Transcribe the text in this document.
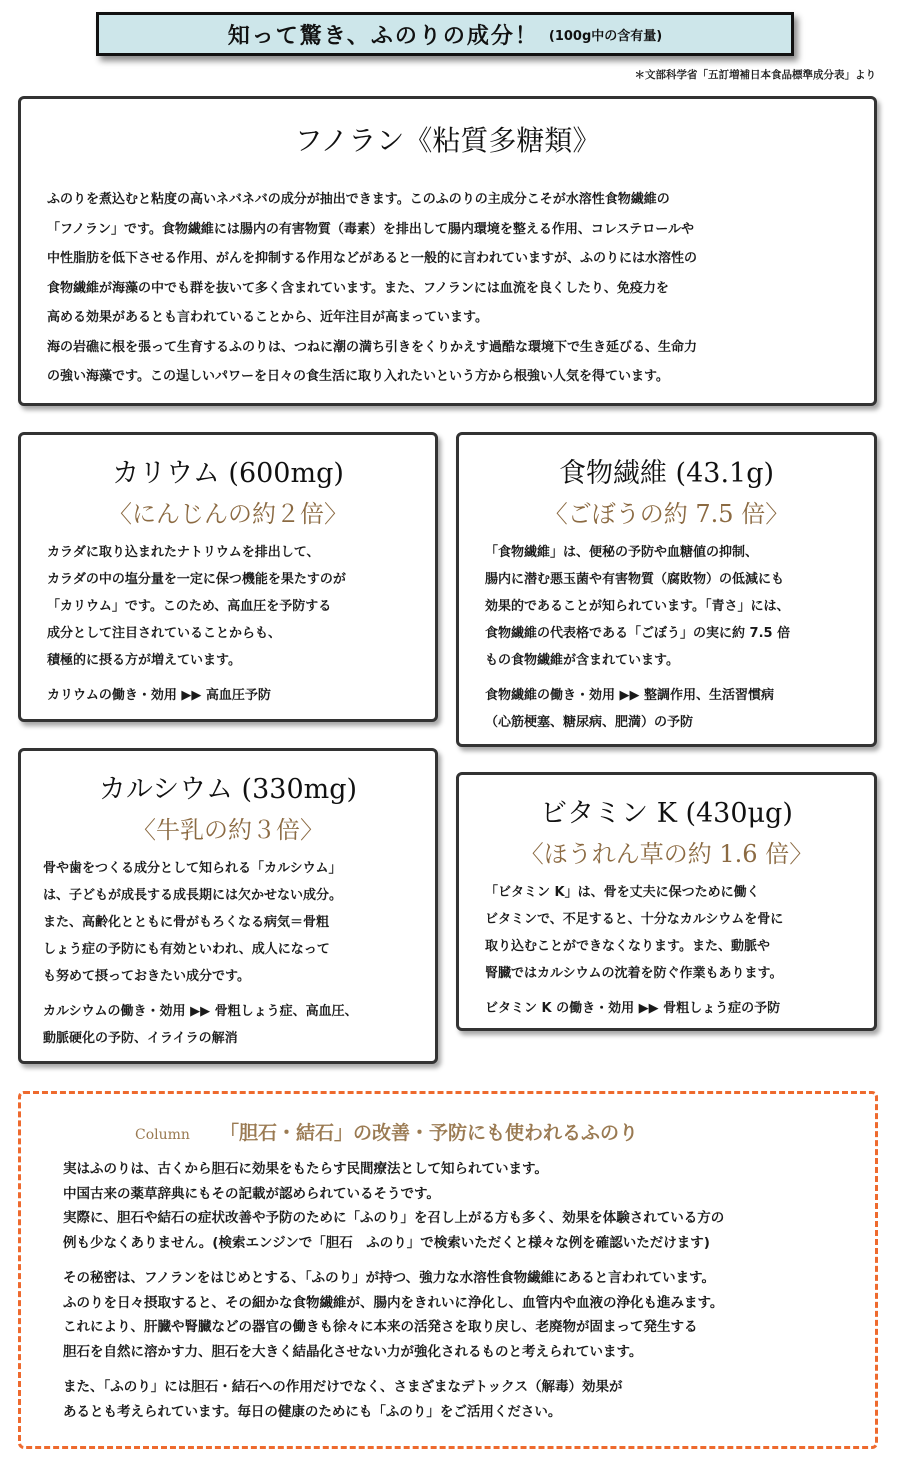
知って驚き、ふのりの成分！ (100g中の含有量)
＊文部科学省「五訂増補日本食品標準成分表」より
フノラン《粘質多糖類》
ふのりを煮込むと粘度の高いネバネバの成分が抽出できます。このふのりの主成分こそが水溶性食物繊維の
「フノラン」です。食物繊維には腸内の有害物質（毒素）を排出して腸内環境を整える作用、コレステロールや
中性脂肪を低下させる作用、がんを抑制する作用などがあると一般的に言われていますが、ふのりには水溶性の
食物繊維が海藻の中でも群を抜いて多く含まれています。また、フノランには血流を良くしたり、免疫力を
高める効果があるとも言われていることから、近年注目が高まっています。
海の岩礁に根を張って生育するふのりは、つねに潮の満ち引きをくりかえす過酷な環境下で生き延びる、生命力
の強い海藻です。この逞しいパワーを日々の食生活に取り入れたいという方から根強い人気を得ています。
カリウム (600mg)
〈にんじんの約２倍〉
カラダに取り込まれたナトリウムを排出して、
カラダの中の塩分量を一定に保つ機能を果たすのが
「カリウム」です。このため、高血圧を予防する
成分として注目されていることからも、
積極的に摂る方が増えています。
カリウムの働き・効用 ▶▶ 高血圧予防
食物繊維 (43.1g)
〈ごぼうの約 7.5 倍〉
「食物繊維」は、便秘の予防や血糖値の抑制、
腸内に潜む悪玉菌や有害物質（腐敗物）の低減にも
効果的であることが知られています。「青さ」には、
食物繊維の代表格である「ごぼう」の実に約 7.5 倍
もの食物繊維が含まれています。
食物繊維の働き・効用 ▶▶ 整調作用、生活習慣病
（心筋梗塞、糖尿病、肥満）の予防
カルシウム (330mg)
〈牛乳の約３倍〉
骨や歯をつくる成分として知られる「カルシウム」
は、子どもが成長する成長期には欠かせない成分。
また、高齢化とともに骨がもろくなる病気＝骨粗
しょう症の予防にも有効といわれ、成人になって
も努めて摂っておきたい成分です。
カルシウムの働き・効用 ▶▶ 骨粗しょう症、高血圧、
動脈硬化の予防、イライラの解消
ビタミン K (430μg)
〈ほうれん草の約 1.6 倍〉
「ビタミン K」は、骨を丈夫に保つために働く
ビタミンで、不足すると、十分なカルシウムを骨に
取り込むことができなくなります。また、動脈や
腎臓ではカルシウムの沈着を防ぐ作業もあります。
ビタミン K の働き・効用 ▶▶ 骨粗しょう症の予防
Column 「胆石・結石」の改善・予防にも使われるふのり
実はふのりは、古くから胆石に効果をもたらす民間療法として知られています。
中国古来の薬草辞典にもその記載が認められているそうです。
実際に、胆石や結石の症状改善や予防のために「ふのり」を召し上がる方も多く、効果を体験されている方の
例も少なくありません。(検索エンジンで「胆石　ふのり」で検索いただくと様々な例を確認いただけます)
その秘密は、フノランをはじめとする、「ふのり」が持つ、強力な水溶性食物繊維にあると言われています。
ふのりを日々摂取すると、その細かな食物繊維が、腸内をきれいに浄化し、血管内や血液の浄化も進みます。
これにより、肝臓や腎臓などの器官の働きも徐々に本来の活発さを取り戻し、老廃物が固まって発生する
胆石を自然に溶かす力、胆石を大きく結晶化させない力が強化されるものと考えられています。
また、「ふのり」には胆石・結石への作用だけでなく、さまざまなデトックス（解毒）効果が
あるとも考えられています。毎日の健康のためにも「ふのり」をご活用ください。
